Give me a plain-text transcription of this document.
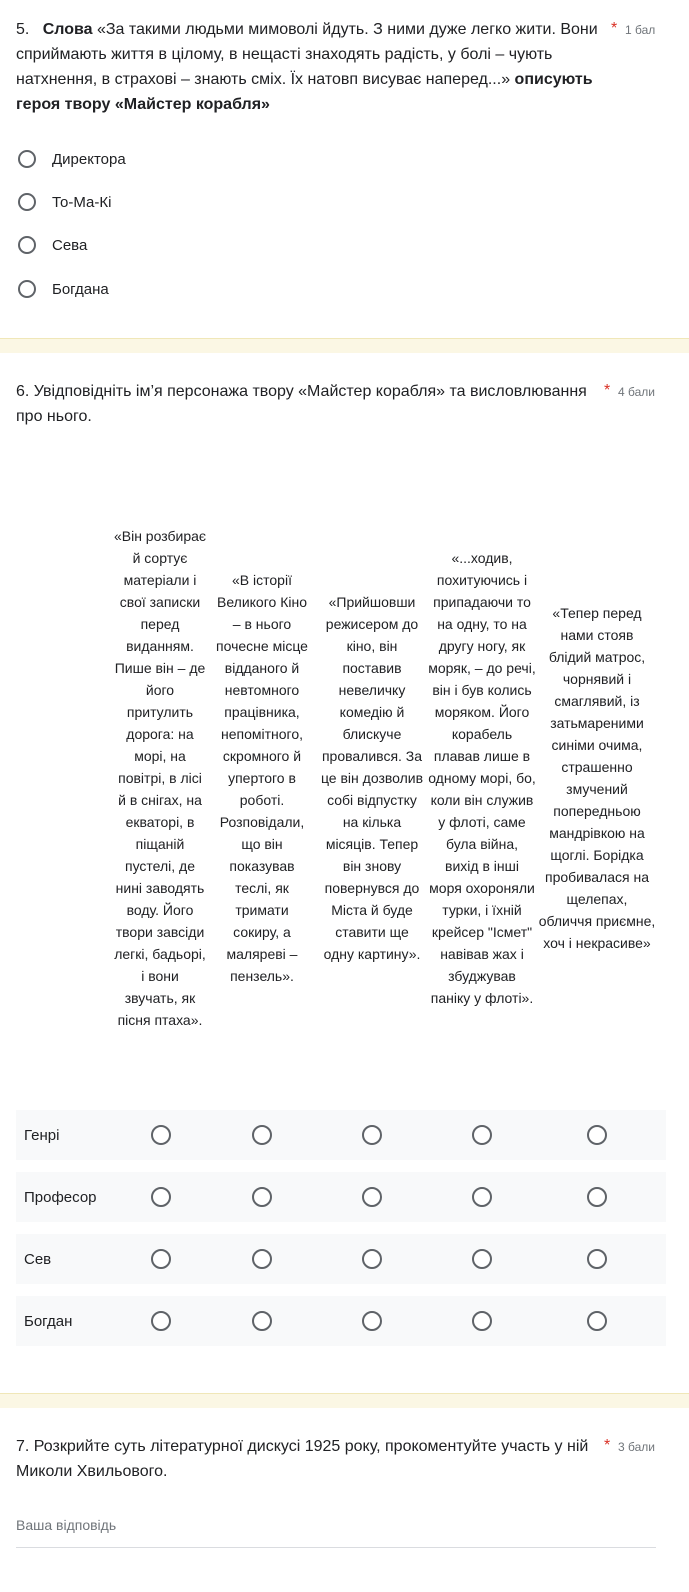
5. Слова «За такими людьми мимоволі йдуть. З ними дуже легко жити. Вони сприймають життя в цілому, в нещасті знаходять радість, у болі – чують натхнення, в страхові – знають сміх. Їх натовп висуває наперед...» описують героя твору «Майстер корабля»
* 1 бал
Директора
То-Ма-Кі
Сева
Богдана
6. Увідповідніть ім’я персонажа твору «Майстер корабля» та висловлювання про нього.
* 4 бали
«Він розбирає й сортує матеріали і свої записки перед виданням. Пише він – де його притулить дорога: на морі, на повітрі, в лісі й в снігах, на екваторі, в піщаній пустелі, де нині заводять воду. Його твори завсіди легкі, бадьорі, і вони звучать, як пісня птаха».
«В історії Великого Кіно – в нього почесне місце відданого й невтомного працівника, непомітного, скромного й упертого в роботі. Розповідали, що він показував теслі, як тримати сокиру, а малярeві – пензель».
«Прийшовши режисером до кіно, він поставив невеличку комедію й блискуче провалився. За це він дозволив собі відпустку на кілька місяців. Тепер він знову повернувся до Міста й буде ставити ще одну картину».
«...ходив, похитуючись і припадаючи то на одну, то на другу ногу, як моряк, – до речі, він і був колись моряком. Його корабель плавав лише в одному морі, бо, коли він служив у флоті, саме була війна, вихід в інші моря охороняли турки, і їхній крейсер "Ісмет" навівав жах і збуджував паніку у флоті».
«Тепер перед нами стояв блідий матрос, чорнявий і смаглявий, із затьмареними синіми очима, страшенно змучений попередньою мандрівкою на щоглі. Борідка пробивалася на щелепах, обличчя приємне, хоч і некрасиве»
Генрі
Професор
Сев
Богдан
7. Розкрийте суть літературної дискусі 1925 року, прокоментуйте участь у ній Миколи Хвильового.
* 3 бали
Ваша відповідь
